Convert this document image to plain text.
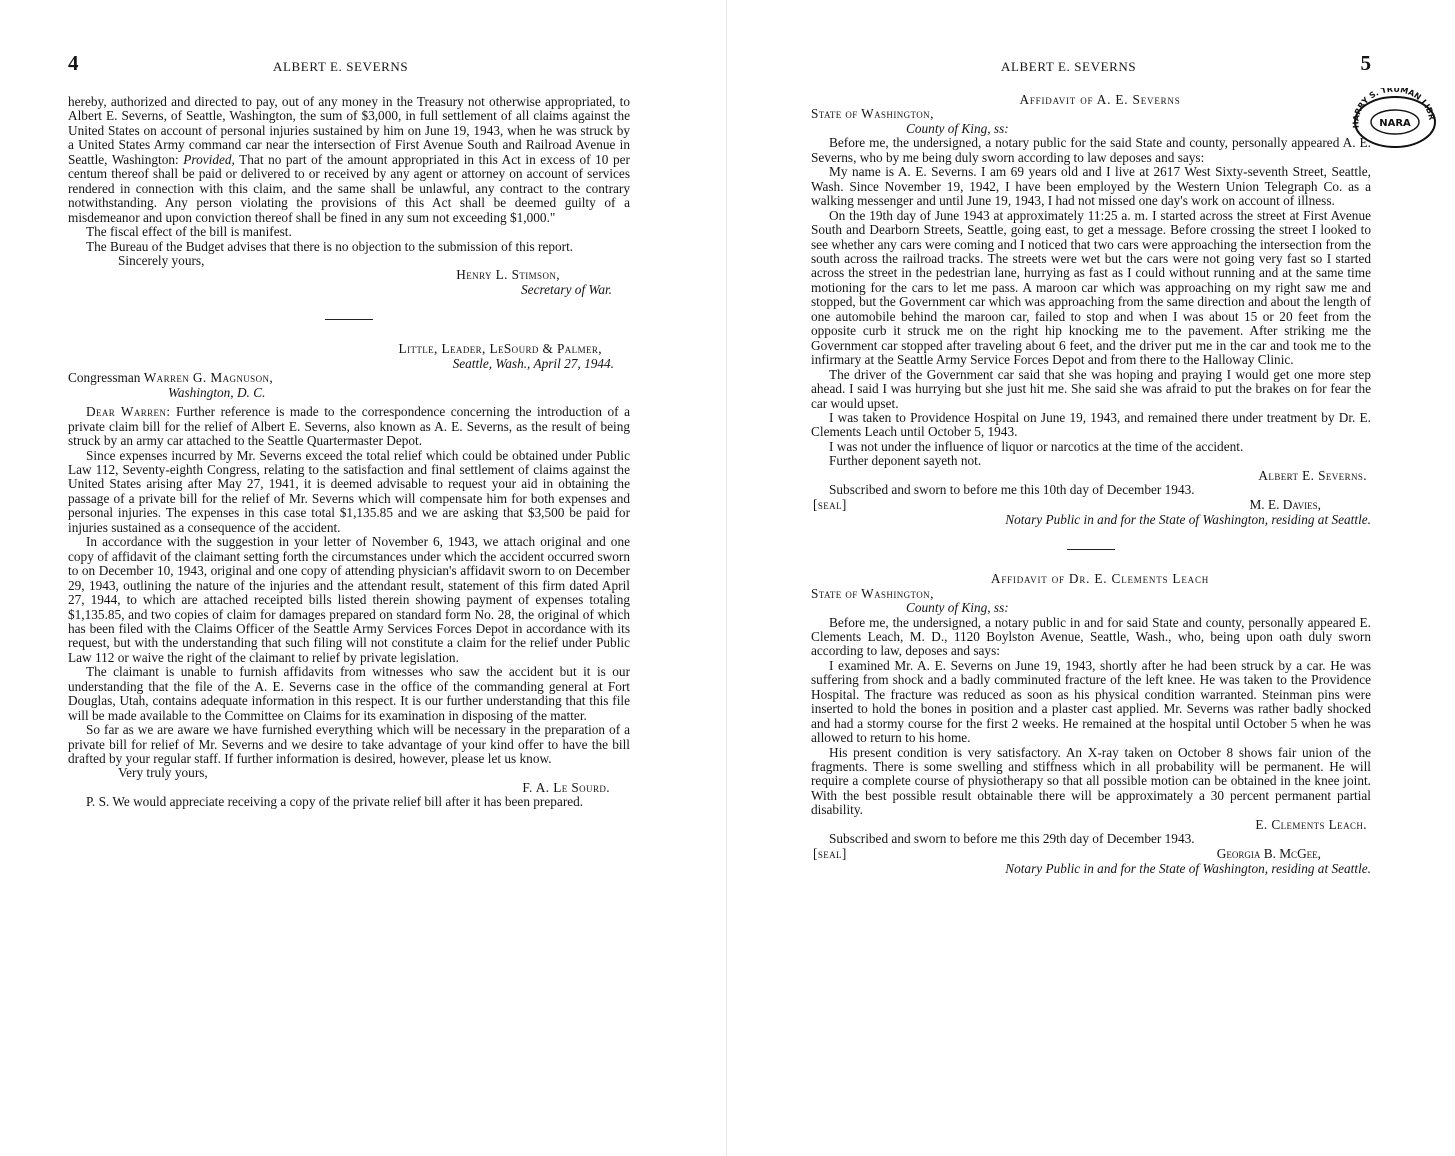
4	ALBERT E. SEVERNS

hereby, authorized and directed to pay, out of any money in the Treasury not otherwise appropriated, to Albert E. Severns, of Seattle, Washington, the sum of $3,000, in full settlement of all claims against the United States on account of personal injuries sustained by him on June 19, 1943, when he was struck by a United States Army command car near the intersection of First Avenue South and Railroad Avenue in Seattle, Washington: Provided, That no part of the amount appropriated in this Act in excess of 10 per centum thereof shall be paid or delivered to or received by any agent or attorney on account of services rendered in connection with this claim, and the same shall be unlawful, any contract to the contrary notwithstanding. Any person violating the provisions of this Act shall be deemed guilty of a misdemeanor and upon conviction thereof shall be fined in any sum not exceeding $1,000."

The fiscal effect of the bill is manifest.

The Bureau of the Budget advises that there is no objection to the submission of this report.

Sincerely yours,

Henry L. Stimson,

Secretary of War.

Little, Leader, LeSourd & Palmer,

Seattle, Wash., April 27, 1944.

Congressman Warren G. Magnuson,

Washington, D. C.

Dear Warren: Further reference is made to the correspondence concerning the introduction of a private claim bill for the relief of Albert E. Severns, also known as A. E. Severns, as the result of being struck by an army car attached to the Seattle Quartermaster Depot.

Since expenses incurred by Mr. Severns exceed the total relief which could be obtained under Public Law 112, Seventy-eighth Congress, relating to the satisfaction and final settlement of claims against the United States arising after May 27, 1941, it is deemed advisable to request your aid in obtaining the passage of a private bill for the relief of Mr. Severns which will compensate him for both expenses and personal injuries. The expenses in this case total $1,135.85 and we are asking that $3,500 be paid for injuries sustained as a consequence of the accident.

In accordance with the suggestion in your letter of November 6, 1943, we attach original and one copy of affidavit of the claimant setting forth the circumstances under which the accident occurred sworn to on December 10, 1943, original and one copy of attending physician's affidavit sworn to on December 29, 1943, outlining the nature of the injuries and the attendant result, statement of this firm dated April 27, 1944, to which are attached receipted bills listed therein showing payment of expenses totaling $1,135.85, and two copies of claim for damages prepared on standard form No. 28, the original of which has been filed with the Claims Officer of the Seattle Army Services Forces Depot in accordance with its request, but with the understanding that such filing will not constitute a claim for the relief under Public Law 112 or waive the right of the claimant to relief by private legislation.

The claimant is unable to furnish affidavits from witnesses who saw the accident but it is our understanding that the file of the A. E. Severns case in the office of the commanding general at Fort Douglas, Utah, contains adequate information in this respect. It is our further understanding that this file will be made available to the Committee on Claims for its examination in disposing of the matter.

So far as we are aware we have furnished everything which will be necessary in the preparation of a private bill for relief of Mr. Severns and we desire to take advantage of your kind offer to have the bill drafted by your regular staff. If further information is desired, however, please let us know.

Very truly yours,

F. A. Le Sourd.

P. S. We would appreciate receiving a copy of the private relief bill after it has been prepared.

ALBERT E. SEVERNS	5

Affidavit of A. E. Severns

State of Washington,

County of King, ss:

Before me, the undersigned, a notary public for the said State and county, personally appeared A. E. Severns, who by me being duly sworn according to law deposes and says:

My name is A. E. Severns. I am 69 years old and I live at 2617 West Sixty-seventh Street, Seattle, Wash. Since November 19, 1942, I have been employed by the Western Union Telegraph Co. as a walking messenger and until June 19, 1943, I had not missed one day's work on account of illness.

On the 19th day of June 1943 at approximately 11:25 a. m. I started across the street at First Avenue South and Dearborn Streets, Seattle, going east, to get a message. Before crossing the street I looked to see whether any cars were coming and I noticed that two cars were approaching the intersection from the south across the railroad tracks. The streets were wet but the cars were not going very fast so I started across the street in the pedestrian lane, hurrying as fast as I could without running and at the same time motioning for the cars to let me pass. A maroon car which was approaching on my right saw me and stopped, but the Government car which was approaching from the same direction and about the length of one automobile behind the maroon car, failed to stop and when I was about 15 or 20 feet from the opposite curb it struck me on the right hip knocking me to the pavement. After striking me the Government car stopped after traveling about 6 feet, and the driver put me in the car and took me to the infirmary at the Seattle Army Service Forces Depot and from there to the Halloway Clinic.

The driver of the Government car said that she was hoping and praying I would get one more step ahead. I said I was hurrying but she just hit me. She said she was afraid to put the brakes on for fear the car would upset.

I was taken to Providence Hospital on June 19, 1943, and remained there under treatment by Dr. E. Clements Leach until October 5, 1943.

I was not under the influence of liquor or narcotics at the time of the accident.

Further deponent sayeth not.

Albert E. Severns.

Subscribed and sworn to before me this 10th day of December 1943.

[seal]	M. E. Davies,

Notary Public in and for the State of Washington, residing at Seattle.

Affidavit of Dr. E. Clements Leach

State of Washington,

County of King, ss:

Before me, the undersigned, a notary public in and for said State and county, personally appeared E. Clements Leach, M. D., 1120 Boylston Avenue, Seattle, Wash., who, being upon oath duly sworn according to law, deposes and says:

I examined Mr. A. E. Severns on June 19, 1943, shortly after he had been struck by a car. He was suffering from shock and a badly comminuted fracture of the left knee. He was taken to the Providence Hospital. The fracture was reduced as soon as his physical condition warranted. Steinman pins were inserted to hold the bones in position and a plaster cast applied. Mr. Severns was rather badly shocked and had a stormy course for the first 2 weeks. He remained at the hospital until October 5 when he was allowed to return to his home.

His present condition is very satisfactory. An X-ray taken on October 8 shows fair union of the fragments. There is some swelling and stiffness which in all probability will be permanent. He will require a complete course of physiotherapy so that all possible motion can be obtained in the knee joint. With the best possible result obtainable there will be approximately a 30 percent permanent partial disability.

E. Clements Leach.

Subscribed and sworn to before me this 29th day of December 1943.

[seal]	Georgia B. McGee,

Notary Public in and for the State of Washington, residing at Seattle.

HARRY S. TRUMAN LIBR
NARA
